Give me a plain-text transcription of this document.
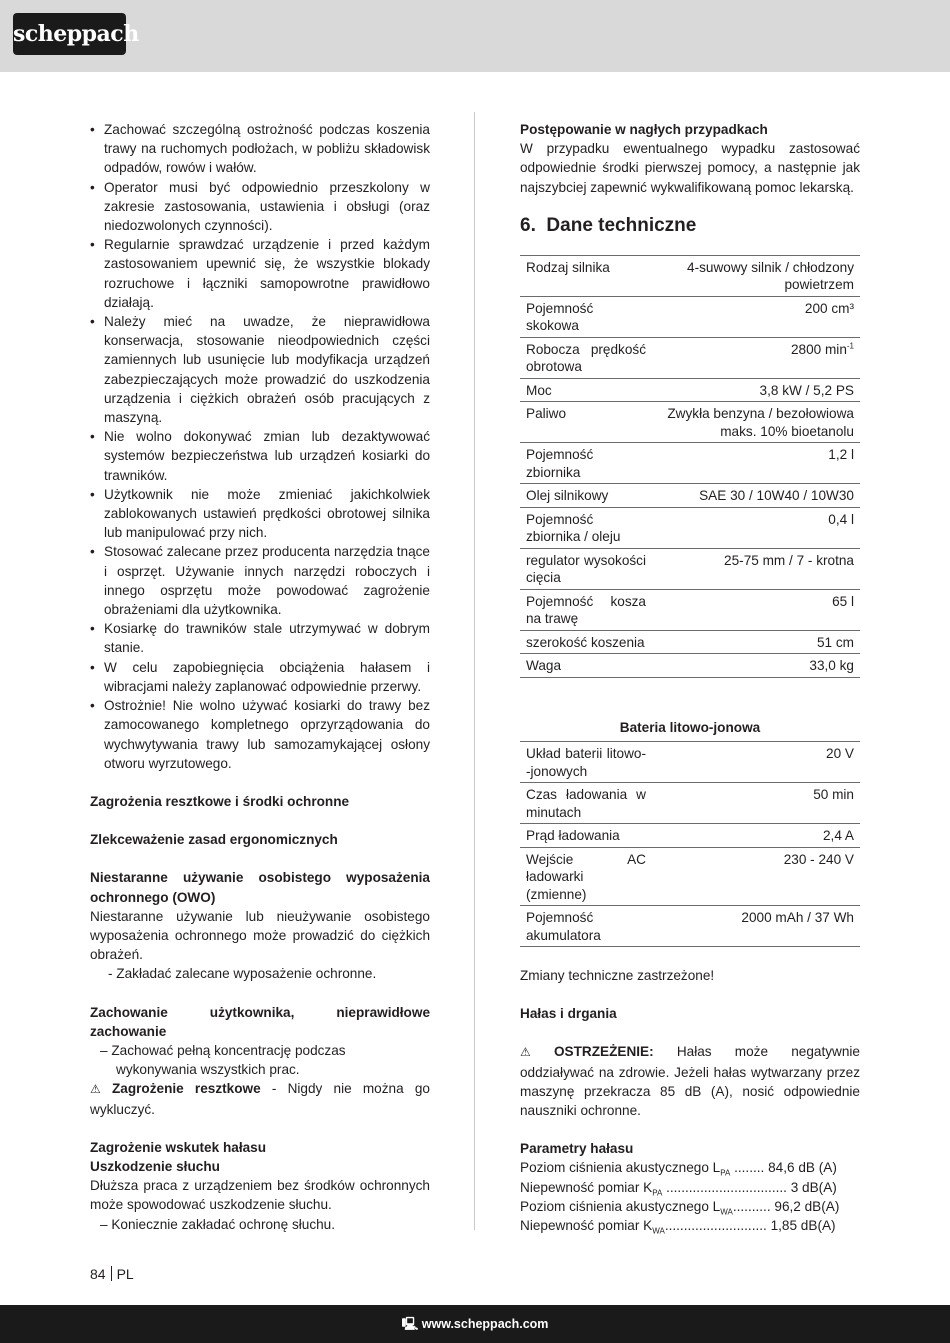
scheppach
• Zachować szczególną ostrożność podczas koszenia trawy na ruchomych podłożach, w pobliżu składowisk odpadów, rowów i wałów.
• Operator musi być odpowiednio przeszkolony w zakresie zastosowania, ustawienia i obsługi (oraz niedozwolonych czynności).
• Regularnie sprawdzać urządzenie i przed każdym zastosowaniem upewnić się, że wszystkie blokady rozruchowe i łączniki samopowrotne prawidłowo działają.
• Należy mieć na uwadze, że nieprawidłowa konserwacja, stosowanie nieodpowiednich części zamiennych lub usunięcie lub modyfikacja urządzeń zabezpieczających może prowadzić do uszkodzenia urządzenia i ciężkich obrażeń osób pracujących z maszyną.
• Nie wolno dokonywać zmian lub dezaktywować systemów bezpieczeństwa lub urządzeń kosiarki do trawników.
• Użytkownik nie może zmieniać jakichkolwiek zablokowanych ustawień prędkości obrotowej silnika lub manipulować przy nich.
• Stosować zalecane przez producenta narzędzia tnące i osprzęt. Używanie innych narzędzi roboczych i innego osprzętu może powodować zagrożenie obrażeniami dla użytkownika.
• Kosiarkę do trawników stale utrzymywać w dobrym stanie.
• W celu zapobiegnięcia obciążenia hałasem i wibracjami należy zaplanować odpowiednie przerwy.
• Ostrożnie! Nie wolno używać kosiarki do trawy bez zamocowanego kompletnego oprzyrządowania do wychwytywania trawy lub samozamykającej osłony otworu wyrzutowego.

Zagrożenia resztkowe i środki ochronne

Zlekceważenie zasad ergonomicznych

Niestaranne używanie osobistego wyposażenia ochronnego (OWO)

Niestaranne używanie lub nieużywanie osobistego wyposażenia ochronnego może prowadzić do ciężkich obrażeń.

- Zakładać zalecane wyposażenie ochronne.

Zachowanie użytkownika, nieprawidłowe zachowanie

– Zachować pełną koncentrację podczas wykonywania wszystkich prac.

⚠ Zagrożenie resztkowe - Nigdy nie można go wykluczyć.

Zagrożenie wskutek hałasu

Uszkodzenie słuchu

Dłuższa praca z urządzeniem bez środków ochronnych może spowodować uszkodzenie słuchu.

– Koniecznie zakładać ochronę słuchu.

Postępowanie w nagłych przypadkach

W przypadku ewentualnego wypadku zastosować odpowiednie środki pierwszej pomocy, a następnie jak najszybciej zapewnić wykwalifikowaną pomoc lekarską.

6. Dane techniczne
Rodzaj silnika	4-suwowy silnik / chłodzony powietrzem
Pojemność skokowa	200 cm³
Robocza prędkość obrotowa	2800 $\min^{-1}$
Moc	3,8 kW / 5,2 PS
Paliwo	Zwykła benzyna / bezołowiowa maks. 10% bioetanolu
Pojemność zbiornika	1,2 l
Olej silnikowy	SAE 30 / 10W40 / 10W30
Pojemność zbiornika / oleju	0,4 l
regulator wysokości cięcia	25-75 mm / 7 - krotna
Pojemność kosza na trawę	65 l
szerokość koszenia	51 cm
Waga	33,0 kg
Bateria litowo-jonowa
Układ baterii litowo--jonowych	20 V
Czas ładowania w minutach	50 min
Prąd ładowania	2,4 A
Wejście AC ładowarki (zmienne)	230 - 240 V
Pojemność akumulatora	2000 mAh / 37 Wh

Zmiany techniczne zastrzeżone!

Hałas i drgania

⚠ OSTRZEŻENIE: Hałas może negatywnie oddziaływać na zdrowie. Jeżeli hałas wytwarzany przez maszynę przekracza 85 dB (A), nosić odpowiednie nauszniki ochronne.

Parametry hałasu

Poziom ciśnienia akustycznego $L_{PA}$ ........ 84,6 dB (A)

Niepewność pomiar $K_{PA}$ ................................ 3 dB(A)

Poziom ciśnienia akustycznego $L_{WA}$.......... 96,2 dB(A)

Niepewność pomiar $K_{WA}$........................... 1,85 dB(A)

84 PL
🖳 www.scheppach.com
